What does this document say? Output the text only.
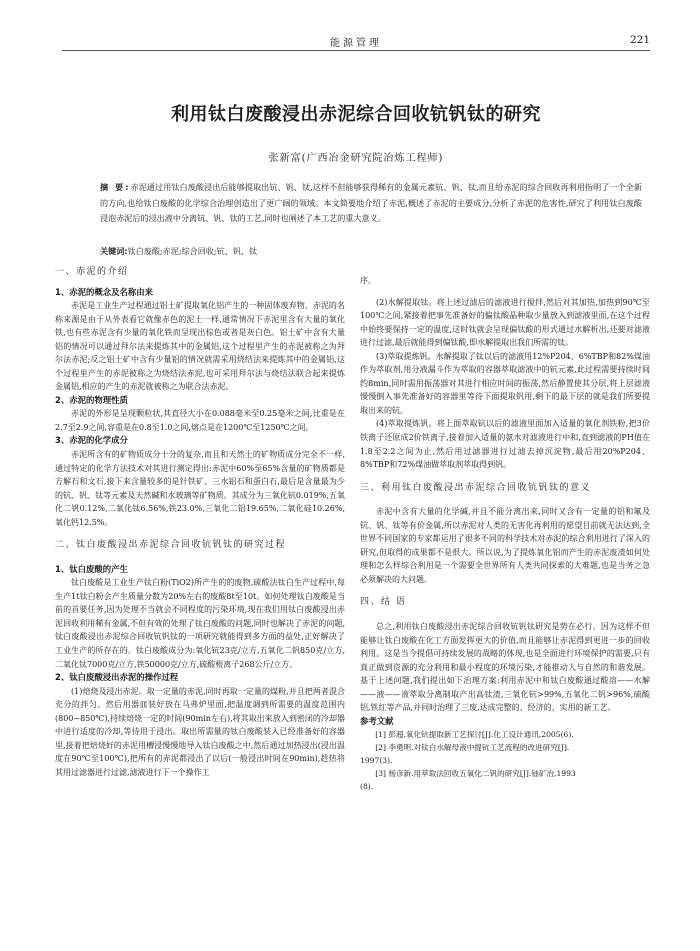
能源管理	221
利用钛白废酸浸出赤泥综合回收钪钒钛的研究
张新富(广西冶金研究院冶炼工程师)
摘 要:赤泥通过用钛白废酸浸出后能够提取出钪、钒、钛,这样不但能够获得稀有的金属元素钪、钒、钛,而且给赤泥的综合回收再利用指明了一个全新的方向,也给钛白废酸的化学综合治理创造出了更广阔的领域。本文简要地介绍了赤泥,概述了赤泥的主要成分,分析了赤泥的危害性,研究了利用钛白废酸浸泡赤泥后的浸出液中分离钪、钒、钛的工艺,同时也阐述了本工艺的重大意义。
关键词:钛白废酸;赤泥;综合回收;钪、钒、钛

一、赤泥的介绍

1、赤泥的概念及名称由来

赤泥是工业生产过程通过铝土矿提取氧化铝产生的一种固体废弃物。赤泥的名称来源是由于从外表看它就像赤色的泥土一样,通常情况下赤泥里含有大量的氧化铁,也有些赤泥含有少量的氧化铁而呈现出棕色或者是灰白色。铝土矿中含有大量铝的情况可以通过拜尔法来提炼其中的金属铝,这个过程里产生的赤泥被称之为拜尔法赤泥;反之铝土矿中含有少量铝的情况就需采用烧结法来提炼其中的金属铝,这个过程里产生的赤泥被称之为烧结法赤泥,也可采用拜尔法与烧结法联合起来提炼金属铝,相应的产生的赤泥就被称之为联合法赤泥。

2、赤泥的物理性质

赤泥的外形是呈现颗粒状,其直径大小在0.088毫米至0.25毫米之间,比重是在2.7至2.9之间,容重是在0.8至1.0之间,熔点是在1200℃至1250℃之间。

3、赤泥的化学成分

赤泥所含有的矿物质成分十分的复杂,而且和天然土的矿物质成分完全不一样,通过特定的化学方法技术对其进行测定得出:赤泥中60%至65%含量的矿物质都是方解石和文石,接下来含量较多的是针铁矿、三水铝石和蛋白石,最后是含量最为少的钪、钒、钛等元素及天然碱和水玻璃等矿物质。其成分为三氧化钪0.019%,五氧化二钒0.12%,二氧化钛6.56%,铁23.0%,三氧化二铝19.65%,二氧化硅10.26%,氧化钙12.5%。

二、钛白废酸浸出赤泥综合回收钪钒钛的研究过程

1、钛白废酸的产生

钛白废酸是工业生产钛白粉(TiO2)所产生的的废物,硫酸法钛白生产过程中,每生产1t钛白粉会产生质量分数为20%左右的废酸8t至10t。如何处理钛白废酸是当前的首要任务,因为处理不当就会不同程度的污染环境,现在我们用钛白废酸浸出赤泥回收利用稀有金属,不但有效的处理了钛白废酸的问题,同时也解决了赤泥的问题,钛白废酸浸出赤泥综合回收钪钒钛的一项研究就能得到多方面的益处,正好解决了工业生产的所存在的。钛白废酸成分为:氧化钪23克/立方,五氧化二钒850克/立方,二氧化钛7000克/立方,铁50000克/立方,硫酸根离子268公斤/立方。

2、钛白废酸浸出赤泥的操作过程

(1)焙烧及浸出赤泥。取一定量的赤泥,同时再取一定量的煤粉,并且把两者混合充分的拌匀。然后用器皿装好放在马弗炉里面,把温度调到所需要的温度范围内(800~850℃),持续焙烧一定的时间(90min左右),将其取出来放入到密闭的冷却器中进行适度的冷却,等待用于浸出。取出所需量的钛白废酸装入已经准备好的容器里,接着把焙烧好的赤泥用槽浸慢慢地导入钛白废酸之中,然后通过加热浸出(浸出温度在90℃至100℃),把所有的赤泥都浸出了以后(一般浸出时间在90min),趁热将其用过滤器进行过滤,滤液进行下一个操作工

序。

(2)水解提取钛。将上述过滤后的滤液进行搅拌,然后对其加热,加热到90℃至100℃之间,紧接着把事先准备好的偏钛酸晶种取少量放入到滤液里面,在这个过程中始终要保持一定的温度,这时钛就会呈现偏钛酸的形式通过水解析出,还要对滤液进行过滤,最后就能得到偏钛酸,即水解提取出我们所需的钛。

(3)萃取提炼钒。水解提取了钛以后的滤液用12%P204、6%TBP和82%煤油作为萃取剂,用分液漏斗作为萃取的容器萃取滤液中的钪元素,此过程需要持续时间约8min,同时需用振荡器对其进行相应时间的振荡,然后静置使其分层,将上层滤液慢慢倒入事先准备好的容器里等待下面提取钒用,剩下的最下层的就是我们所要提取出来的钪。

(4)萃取提炼钒。将上面萃取钪以后的滤液里面加入适量的氧化剂铁粉,把3价铁离子还原成2价铁离子,接着加入适量的氨水对滤液进行中和,直到滤液的PH值在1.8至2.2之间为止,然后用过滤器进行过滤去掉沉淀物,最后用20%P204、8%TBP和72%煤油做萃取剂萃取得到钒。

三、利用钛白废酸浸出赤泥综合回收钪钒钛的意义

赤泥中含有大量的化学碱,并且不能分离出来,同时又含有一定量的铝和氟及钪、钒、钛等有价金属,所以赤泥对人类的无害化再利用的愿望目前就无法达到,全世界不同国家的专家都运用了很多不同的科学技术对赤泥的综合利用进行了深入的研究,但取得的成果都不是很大。所以说,为了提炼氧化铝而产生的赤泥废渣如何处理和怎么样综合利用是一个需要全世界所有人类共同探索的大难题,也是当务之急必须解决的大问题。

四、结 语

总之,利用钛白废酸浸出赤泥综合回收钪钒钛研究是势在必行。因为这样不但能够让钛白废酸在化工方面发挥更大的价值,而且能够让赤泥得到更进一步的回收利用。这是当今提倡可持续发展的战略的体现,也是全面进行环境保护的需要,只有真正做到资源的充分利用和最小程度的环境污染,才能推动人与自然的和谐发展。基于上述问题,我们提出如下治理方案:利用赤泥中和钛白废酸通过酸溶——水解——液——液萃取分离制取产出高钛渣,三氧化钪>99%,五氧化二钒>96%,硫酸铝,铁红等产品,并同时治理了三废,达成完整的、经济的、实用的新工艺。

参考文献

[1] 彭超.氧化钪提取新工艺探讨[J].化工设计通讯,2005(6).

[2] 李勇明.对钛白水解母液中提钪工艺流程的改进研究[J].

1997(3).

[3] 杨彦新.用萃取法回收五氧化二钒的研究[J].铀矿冶,1993

(8).
